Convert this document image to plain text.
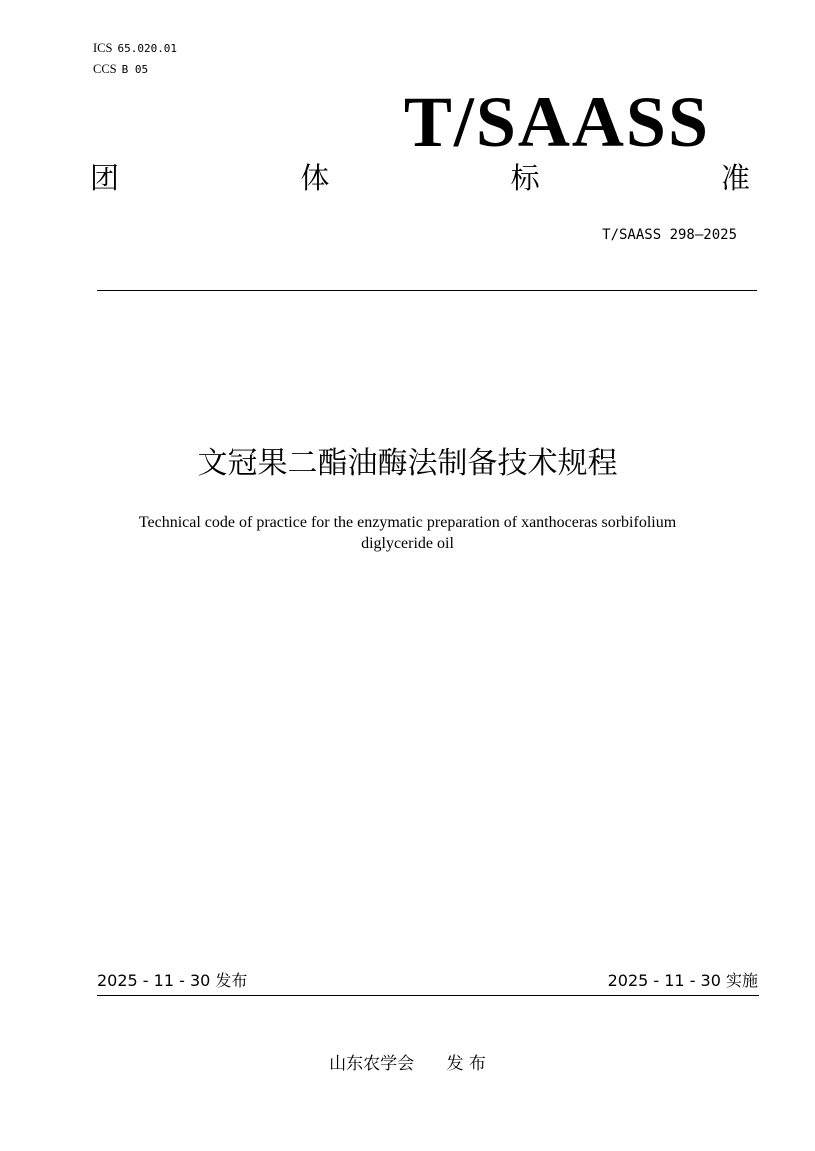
ICS 65.020.01
CCS B 05
T/SAASS
团	体	标	准
T/SAASS 298—2025
文冠果二酯油酶法制备技术规程
Technical code of practice for the enzymatic preparation of xanthoceras sorbifolium
diglyceride oil
2025 - 11 - 30 发布	2025 - 11 - 30 实施
山东农学会 发 布
